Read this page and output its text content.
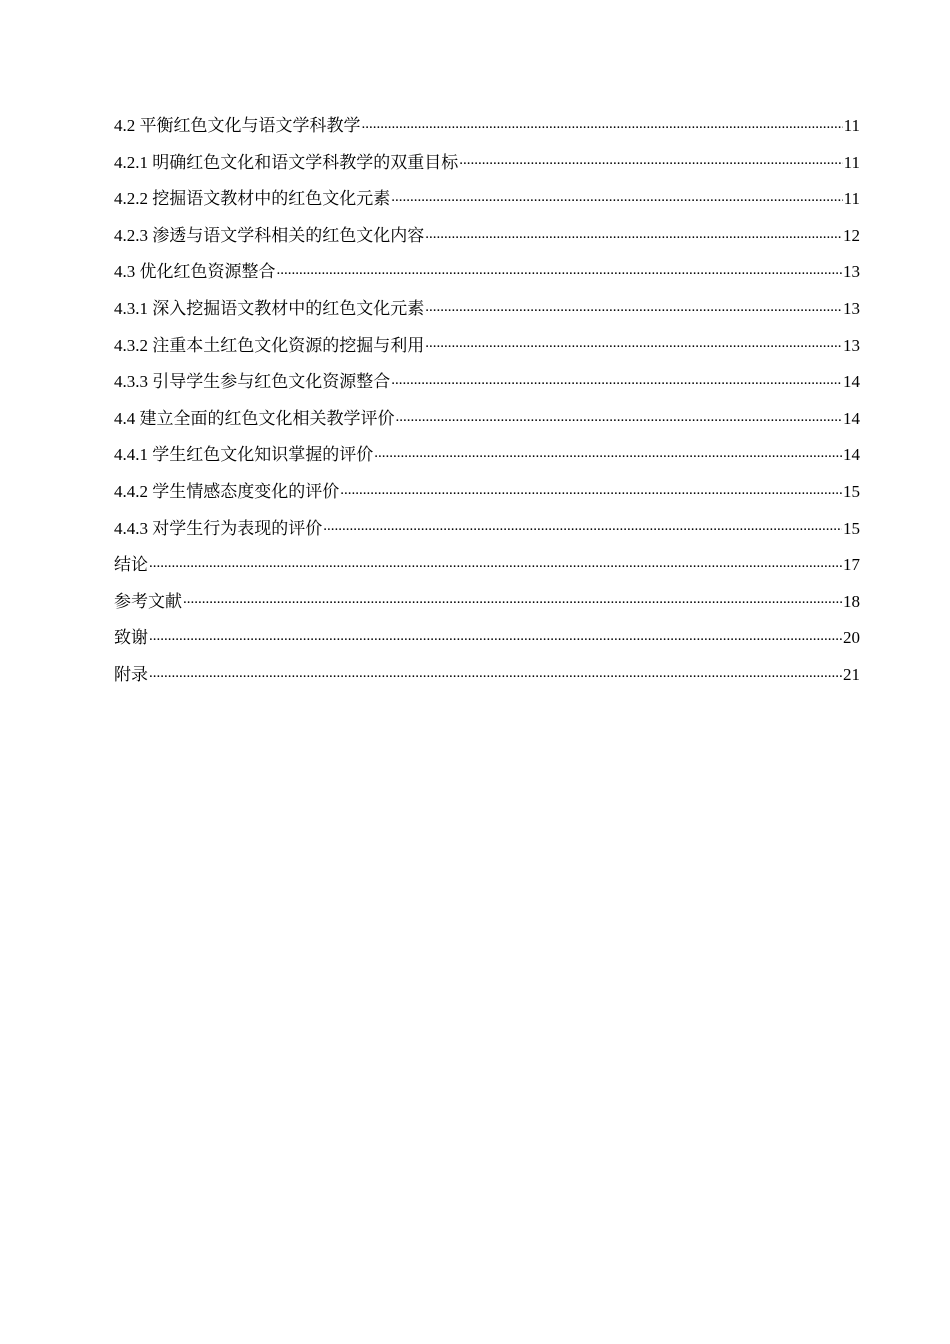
4.2 平衡红色文化与语文学科教学 .....	11
4.2.1 明确红色文化和语文学科教学的双重目标 .....	11
4.2.2 挖掘语文教材中的红色文化元素 .....	11
4.2.3 渗透与语文学科相关的红色文化内容 .....	12
4.3 优化红色资源整合 .....	13
4.3.1 深入挖掘语文教材中的红色文化元素 .....	13
4.3.2 注重本土红色文化资源的挖掘与利用 .....	13
4.3.3 引导学生参与红色文化资源整合 .....	14
4.4 建立全面的红色文化相关教学评价 .....	14
4.4.1 学生红色文化知识掌握的评价 .....	14
4.4.2 学生情感态度变化的评价 .....	15
4.4.3 对学生行为表现的评价 .....	15
结论 .....	17
参考文献 .....	18
致谢 .....	20
附录 .....	21
